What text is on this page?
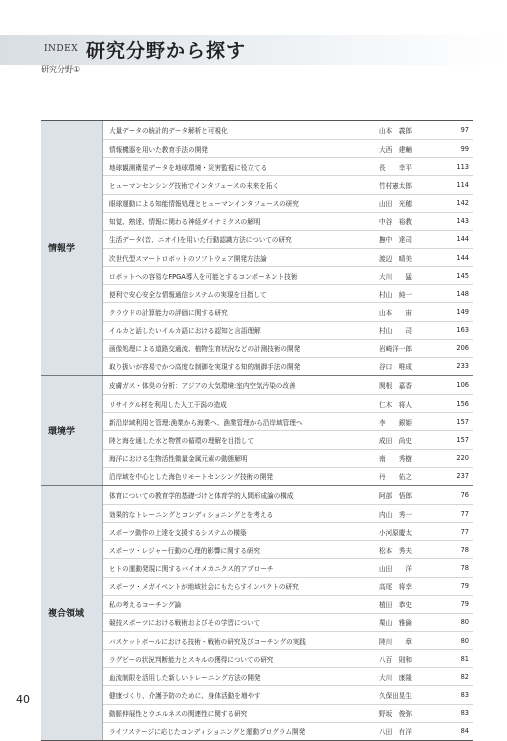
INDEX 研究分野から探す
研究分野①
情報学
大量データの統計的データ解析と可視化	山本　義郎	97
情報機器を用いた教育手法の開発	大西　建輔	99
地球観測衛星データを地球環境・災害監視に役立てる	長　　幸平	113
ヒューマンセンシング技術でインタフェースの未来を拓く	竹村憲太郎	114
眼球運動による知能情報処理とヒューマンインタフェースの研究	山田　光穂	142
知覚、熟達、情報に関わる神経ダイナミクスの解明	中谷　裕教	143
生活データ(音、ニオイ)を用いた行動認識方法についての研究	撫中　達司	144
次世代型スマートロボットのソフトウェア開発方法論	渡辺　晴美	144
ロボットへの容易なFPGA導入を可能とするコンポーネント技術	大川　　猛	145
便利で安心安全な情報通信システムの実現を目指して	村山　純一	148
クラウドの計算能力の評価に関する研究	山本　　宙	149
イルカと話したいイルカ語における認知と言語理解	村山　　司	163
画像処理による道路交通流、植物生育状況などの計測技術の開発	岩崎洋一郎	206
取り扱いが容易でかつ高度な制御を実現する知的制御手法の開発	谷口　唯成	233
環境学
皮膚ガス・体臭の分析：アジアの大気環境:室内空気汚染の改善	関根　嘉香	106
リサイクル材を利用した人工干潟の造成	仁木　将人	156
新沿岸域利用と管理:漁業から海業へ、漁業管理から沿岸域管理へ	李　　銀姫	157
陸と海を通した水と物質の循環の理解を目指して	成田　尚史	157
海洋における生物活性微量金属元素の動態解明	南　　秀樹	220
沿岸域を中心とした海色リモートセンシング技術の開発	丹　　佑之	237
複合領域
体育についての教育学的基礎づけと体育学的人間形成論の構成	阿部　悟郎	76
効果的なトレーニングとコンディショニングとを考える	内山　秀一	77
スポーツ動作の上達を支援するシステムの構築	小河原慶太	77
スポーツ・レジャー行動の心理的影響に関する研究	松本　秀夫	78
ヒトの運動発現に関するバイオメカニクス的アプローチ	山田　　洋	78
スポーツ・メガイベントが地域社会にもたらすインパクトの研究	高尾　将幸	79
私の考えるコーチング論	植田　恭史	79
競技スポーツにおける戦術およびその学習について	栗山　雅倫	80
バスケットボールにおける技術・戦術の研究及びコーチングの実践	陸川　　章	80
ラグビーの状況判断能力とスキルの獲得についての研究	八百　則和	81
血流制限を活用した新しいトレーニング方法の開発	大川　康隆	82
健康づくり、介護予防のために、身体活動を増やす	久保田晃生	83
動脈伸展性とウエルネスの関連性に関する研究	野坂　俊弥	83
ライフステージに応じたコンディショニングと運動プログラム開発	八田　有洋	84
40
